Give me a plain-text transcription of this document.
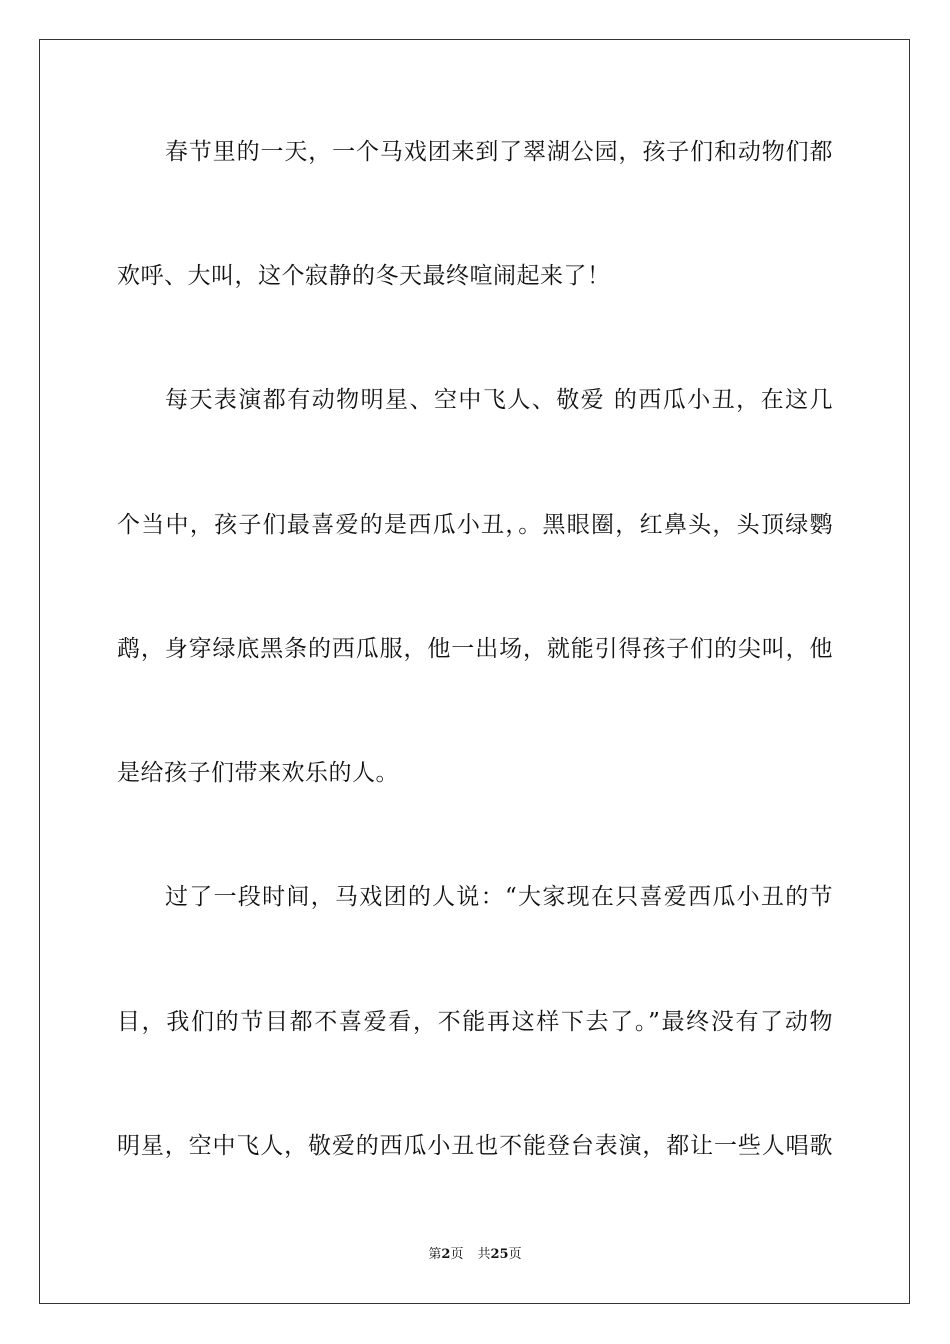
春节里的一天，一个马戏团来到了翠湖公园，孩子们和动物们都
欢呼、大叫，这个寂静的冬天最终喧闹起来了！
每天表演都有动物明星、空中飞人、敬爱 的西瓜小丑，在这几
个当中，孩子们最喜爱的是西瓜小丑，。黑眼圈，红鼻头，头顶绿鹦
鹉，身穿绿底黑条的西瓜服，他一出场，就能引得孩子们的尖叫，他
是给孩子们带来欢乐的人。
过了一段时间，马戏团的人说：“大家现在只喜爱西瓜小丑的节
目，我们的节目都不喜爱看，不能再这样下去了。”最终没有了动物
明星，空中飞人，敬爱的西瓜小丑也不能登台表演，都让一些人唱歌
第2页 共25页
